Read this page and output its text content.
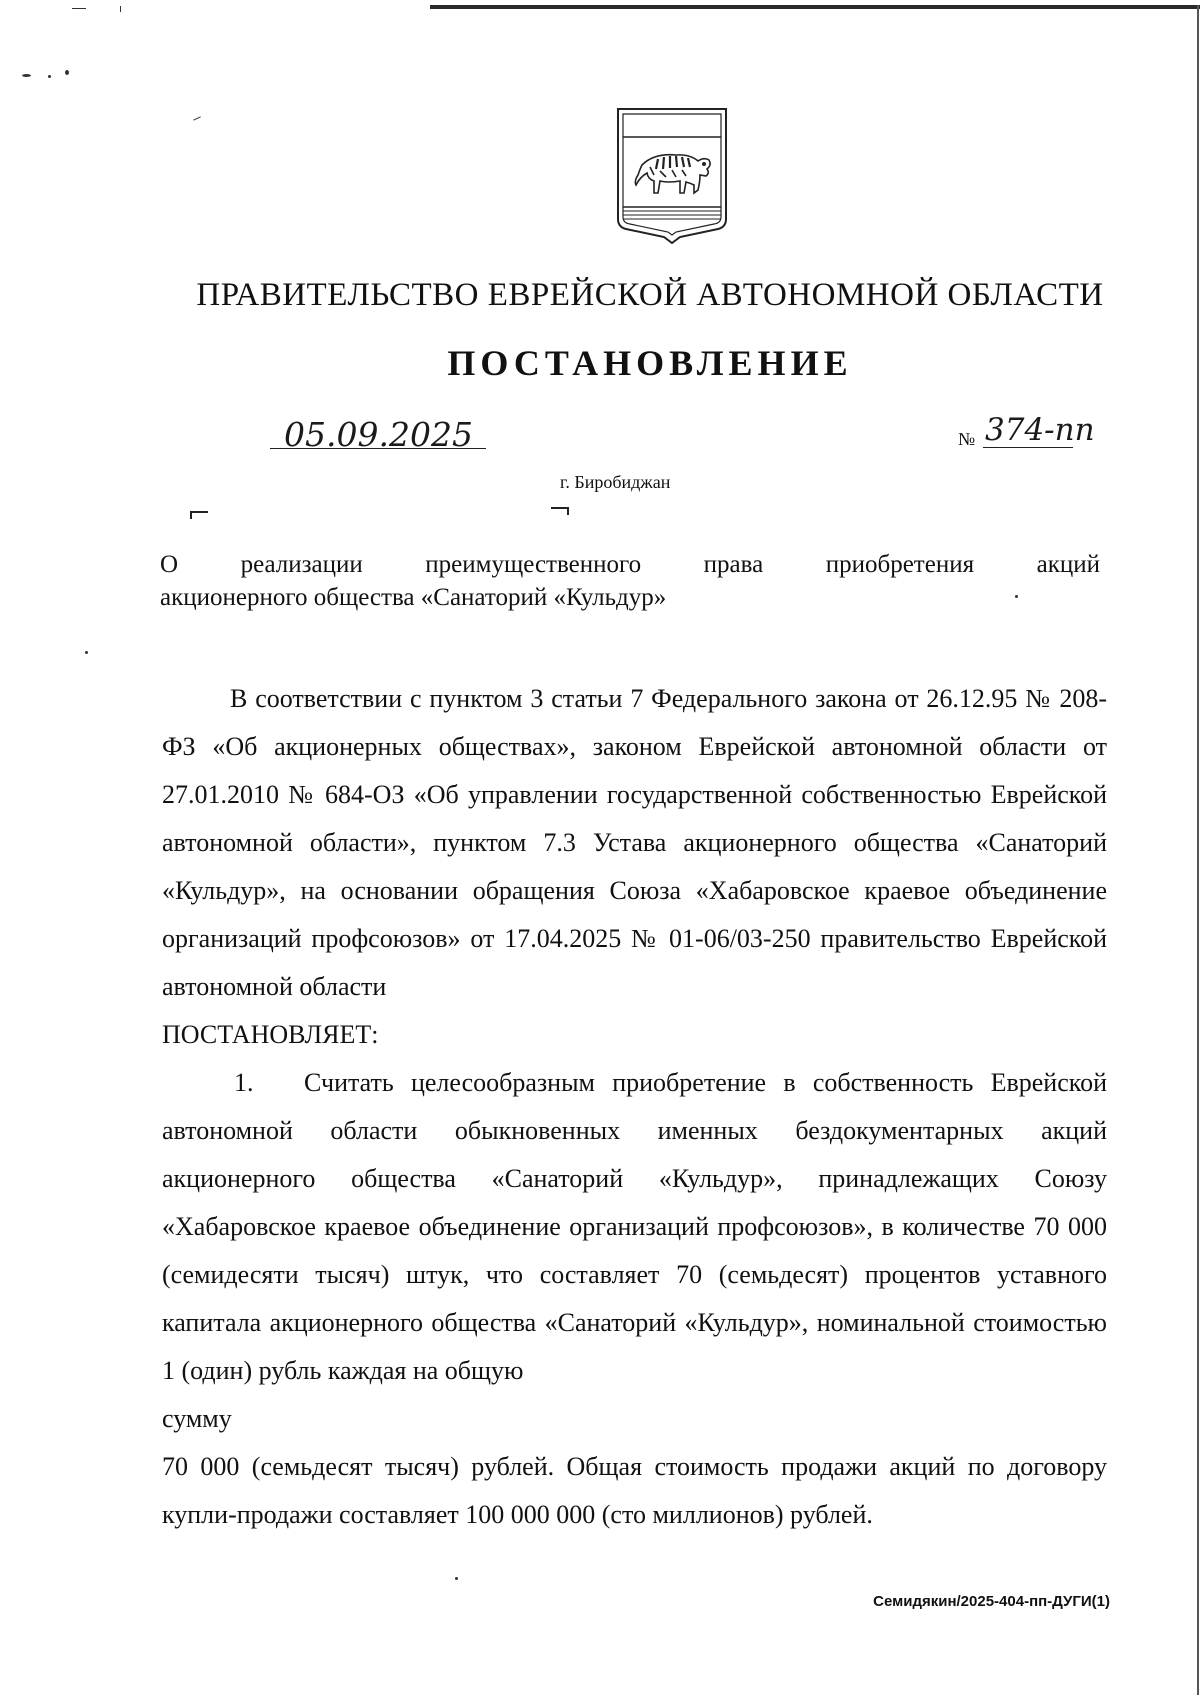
ПРАВИТЕЛЬСТВО ЕВРЕЙСКОЙ АВТОНОМНОЙ ОБЛАСТИ
ПОСТАНОВЛЕНИЕ
05.09.2025	№ 374-пп
г. Биробиджан
О реализации преимущественного права приобретения акций
акционерного общества «Санаторий «Кульдур»

В соответствии с пунктом 3 статьи 7 Федерального закона от 26.12.95 № 208-ФЗ «Об акционерных обществах», законом Еврейской автономной области от 27.01.2010 № 684-ОЗ «Об управлении государственной собственностью Еврейской автономной области», пунктом 7.3 Устава акционерного общества «Санаторий «Кульдур», на основании обращения Союза «Хабаровское краевое объединение организаций профсоюзов» от 17.04.2025 № 01-06/03-250 правительство Еврейской автономной области

ПОСТАНОВЛЯЕТ:

1. Считать целесообразным приобретение в собственность Еврейской автономной области обыкновенных именных бездокументарных акций акционерного общества «Санаторий «Кульдур», принадлежащих Союзу «Хабаровское краевое объединение организаций профсоюзов», в количестве 70 000 (семидесяти тысяч) штук, что составляет 70 (семьдесят) процентов уставного капитала акционерного общества «Санаторий «Кульдур», номинальной стоимостью 1 (один) рубль каждая на общую

сумму

70 000 (семьдесят тысяч) рублей. Общая стоимость продажи акций по договору купли-продажи составляет 100 000 000 (сто миллионов) рублей.

Семидякин/2025-404-пп-ДУГИ(1)
